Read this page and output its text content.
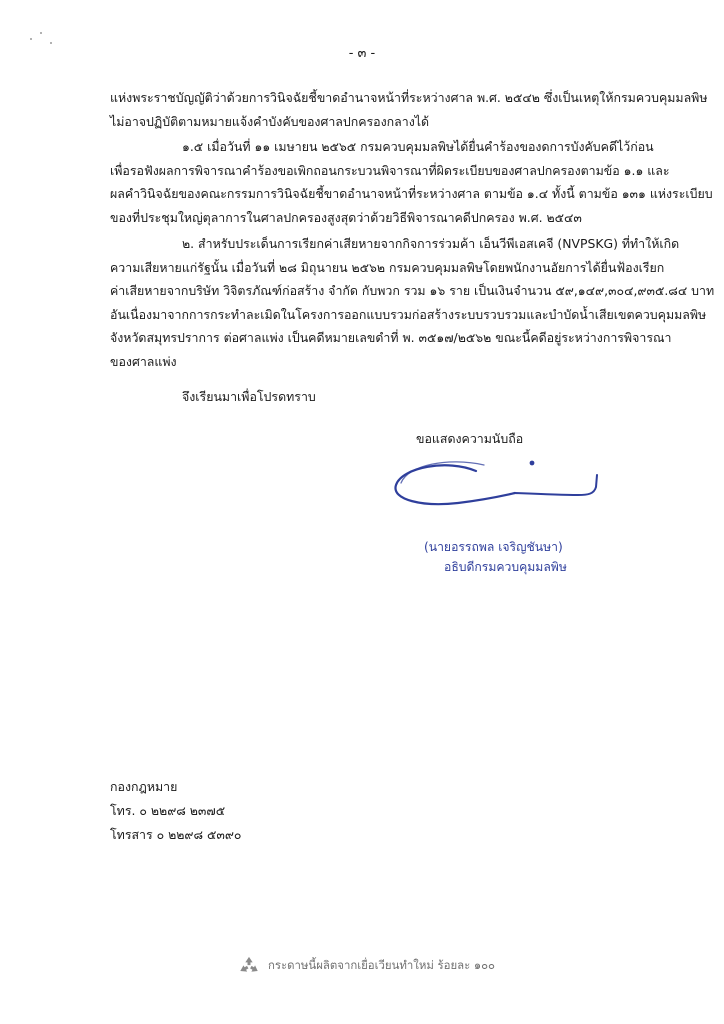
- ๓ -
แห่งพระราชบัญญัติว่าด้วยการวินิจฉัยชี้ขาดอำนาจหน้าที่ระหว่างศาล พ.ศ. ๒๕๔๒ ซึ่งเป็นเหตุให้กรมควบคุมมลพิษ
ไม่อาจปฏิบัติตามหมายแจ้งคำบังคับของศาลปกครองกลางได้
๑.๕ เมื่อวันที่ ๑๑ เมษายน ๒๕๖๕ กรมควบคุมมลพิษได้ยื่นคำร้องของดการบังคับคดีไว้ก่อน
เพื่อรอฟังผลการพิจารณาคำร้องขอเพิกถอนกระบวนพิจารณาที่ผิดระเบียบของศาลปกครองตามข้อ ๑.๑ และ
ผลคำวินิจฉัยของคณะกรรมการวินิจฉัยชี้ขาดอำนาจหน้าที่ระหว่างศาล ตามข้อ ๑.๔ ทั้งนี้ ตามข้อ ๑๓๑ แห่งระเบียบ
ของที่ประชุมใหญ่ตุลาการในศาลปกครองสูงสุดว่าด้วยวิธีพิจารณาคดีปกครอง พ.ศ. ๒๕๔๓
๒. สำหรับประเด็นการเรียกค่าเสียหายจากกิจการร่วมค้า เอ็นวีพีเอสเคจี (NVPSKG) ที่ทำให้เกิด
ความเสียหายแก่รัฐนั้น เมื่อวันที่ ๒๘ มิถุนายน ๒๕๖๒ กรมควบคุมมลพิษโดยพนักงานอัยการได้ยื่นฟ้องเรียก
ค่าเสียหายจากบริษัท วิจิตรภัณฑ์ก่อสร้าง จำกัด กับพวก รวม ๑๖ ราย เป็นเงินจำนวน ๕๙,๑๔๙,๓๐๔,๙๓๕.๘๔ บาท
อันเนื่องมาจากการกระทำละเมิดในโครงการออกแบบรวมก่อสร้างระบบรวบรวมและบำบัดน้ำเสียเขตควบคุมมลพิษ
จังหวัดสมุทรปราการ ต่อศาลแพ่ง เป็นคดีหมายเลขดำที่ พ. ๓๕๑๗/๒๕๖๒ ขณะนี้คดีอยู่ระหว่างการพิจารณา
ของศาลแพ่ง
จึงเรียนมาเพื่อโปรดทราบ
ขอแสดงความนับถือ
(นายอรรถพล เจริญชันษา)
อธิบดีกรมควบคุมมลพิษ
กองกฎหมาย
โทร. ๐ ๒๒๙๘ ๒๓๗๕
โทรสาร ๐ ๒๒๙๘ ๕๓๙๐
กระดาษนี้ผลิตจากเยื่อเวียนทำใหม่ ร้อยละ ๑๐๐
